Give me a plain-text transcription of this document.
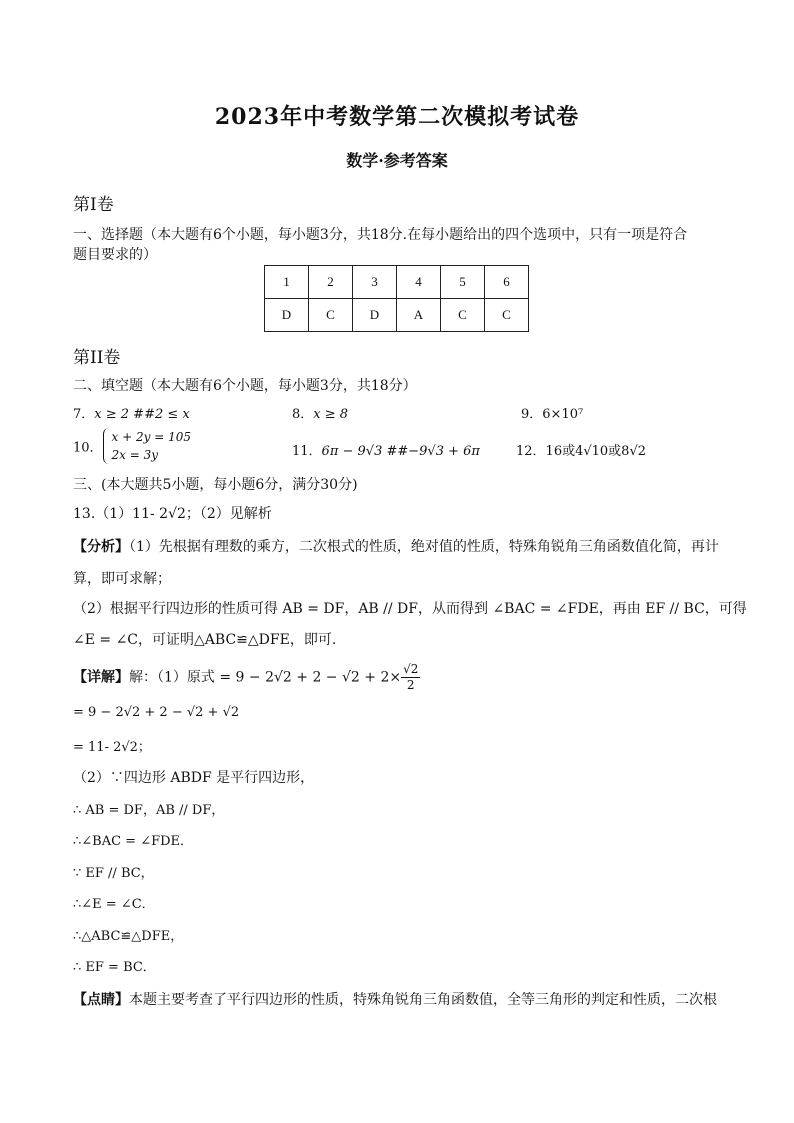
2023年中考数学第二次模拟考试卷
数学·参考答案
第Ⅰ卷
一、选择题（本大题有6个小题，每小题3分，共18分.在每小题给出的四个选项中，只有一项是符合
题目要求的）
1	2	3	4	5	6
D	C	D	A	C	C
第II卷
二、填空题（本大题有6个小题，每小题3分，共18分）
7．x ≥ 2 ##2 ≤ x	8．x ≥ 8	9．6×10⁷
10．
x + 2y = 105
2x = 3y	11．6π − 9√3 ##−9√3 + 6π	12．16或4√10或8√2
三、(本大题共5小题，每小题6分，满分30分)
13.（1）11- 2√2；（2）见解析
【分析】（1）先根据有理数的乘方，二次根式的性质，绝对值的性质，特殊角锐角三角函数值化简，再计
算，即可求解；
（2）根据平行四边形的性质可得 AB = DF，AB // DF，从而得到 ∠BAC = ∠FDE，再由 EF // BC，可得
∠E = ∠C，可证明△ABC≌△DFE，即可.
【详解】解：（1）原式 = $9 - 2√2 + 2 - √2 + 2\times \frac{√2}{2}$
= 9 − 2√2 + 2 − √2 + √2
= 11- 2√2；
（2）∵四边形 ABDF 是平行四边形，
∴ AB = DF，AB // DF，
∴∠BAC = ∠FDE．
∵ EF // BC，
∴∠E = ∠C．
∴△ABC≌△DFE，
∴ EF = BC．
【点睛】本题主要考查了平行四边形的性质，特殊角锐角三角函数值，全等三角形的判定和性质，二次根
